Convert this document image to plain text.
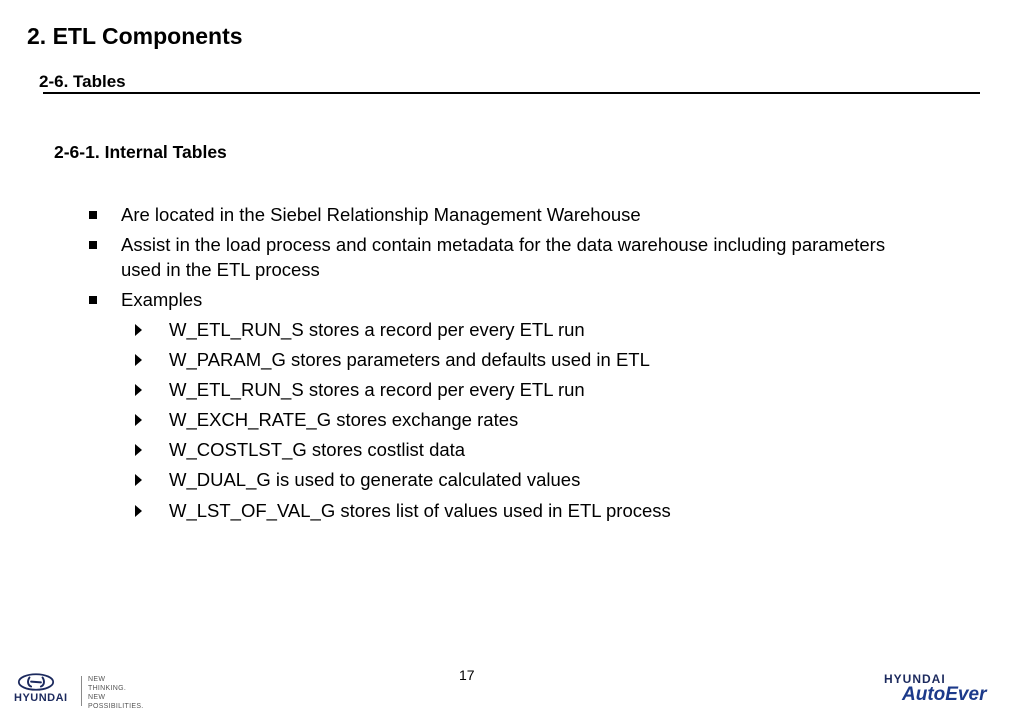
2. ETL Components
2-6. Tables
2-6-1. Internal Tables
Are located in the Siebel Relationship Management Warehouse
Assist in the load process and contain metadata for the data warehouse including parameters used in the ETL process
Examples
W_ETL_RUN_S stores a record per every ETL run
W_PARAM_G stores parameters and defaults used in ETL
W_ETL_RUN_S stores a record per every ETL run
W_EXCH_RATE_G stores exchange rates
W_COSTLST_G stores costlist data
W_DUAL_G is used to generate calculated values
W_LST_OF_VAL_G stores list of values used in ETL process
17
HYUNDAI
NEW
THINKING.
NEW
POSSIBILITIES.
HYUNDAI
AutoEver
